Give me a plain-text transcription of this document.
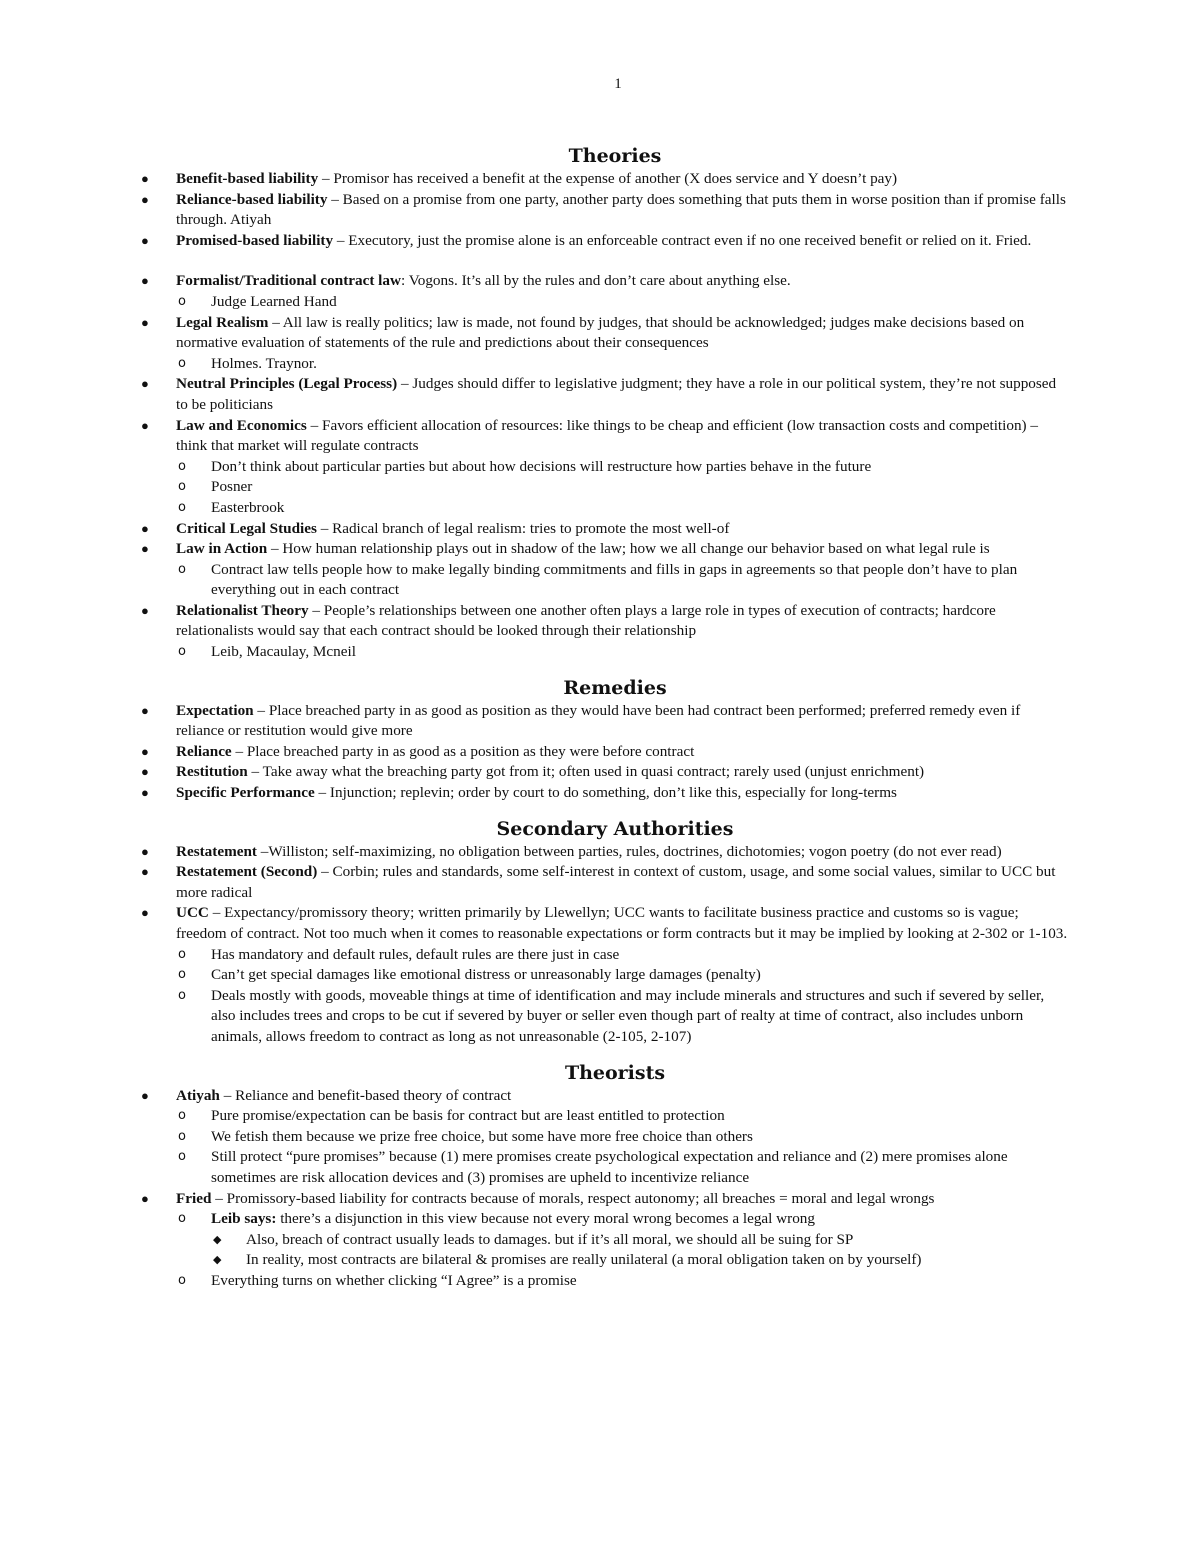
1
Theories
● Benefit-based liability – Promisor has received a benefit at the expense of another (X does service and Y doesn’t pay)
● Reliance-based liability – Based on a promise from one party, another party does something that puts them in worse position than if promise falls through. Atiyah
● Promised-based liability – Executory, just the promise alone is an enforceable contract even if no one received benefit or relied on it. Fried.
● Formalist/Traditional contract law: Vogons. It’s all by the rules and don’t care about anything else.
o Judge Learned Hand
● Legal Realism – All law is really politics; law is made, not found by judges, that should be acknowledged; judges make decisions based on normative evaluation of statements of the rule and predictions about their consequences
o Holmes. Traynor.
● Neutral Principles (Legal Process) – Judges should differ to legislative judgment; they have a role in our political system, they’re not supposed to be politicians
● Law and Economics – Favors efficient allocation of resources: like things to be cheap and efficient (low transaction costs and competition) – think that market will regulate contracts
o Don’t think about particular parties but about how decisions will restructure how parties behave in the future
o Posner
o Easterbrook
● Critical Legal Studies – Radical branch of legal realism: tries to promote the most well-of
● Law in Action – How human relationship plays out in shadow of the law; how we all change our behavior based on what legal rule is
o Contract law tells people how to make legally binding commitments and fills in gaps in agreements so that people don’t have to plan everything out in each contract
● Relationalist Theory – People’s relationships between one another often plays a large role in types of execution of contracts; hardcore relationalists would say that each contract should be looked through their relationship
o Leib, Macaulay, Mcneil
Remedies
● Expectation – Place breached party in as good as position as they would have been had contract been performed; preferred remedy even if reliance or restitution would give more
● Reliance – Place breached party in as good as a position as they were before contract
● Restitution – Take away what the breaching party got from it; often used in quasi contract; rarely used (unjust enrichment)
● Specific Performance – Injunction; replevin; order by court to do something, don’t like this, especially for long-terms
Secondary Authorities
● Restatement –Williston; self-maximizing, no obligation between parties, rules, doctrines, dichotomies; vogon poetry (do not ever read)
● Restatement (Second) – Corbin; rules and standards, some self-interest in context of custom, usage, and some social values, similar to UCC but more radical
● UCC – Expectancy/promissory theory; written primarily by Llewellyn; UCC wants to facilitate business practice and customs so is vague; freedom of contract. Not too much when it comes to reasonable expectations or form contracts but it may be implied by looking at 2-302 or 1-103.
o Has mandatory and default rules, default rules are there just in case
o Can’t get special damages like emotional distress or unreasonably large damages (penalty)
o Deals mostly with goods, moveable things at time of identification and may include minerals and structures and such if severed by seller, also includes trees and crops to be cut if severed by buyer or seller even though part of realty at time of contract, also includes unborn animals, allows freedom to contract as long as not unreasonable (2-105, 2-107)
Theorists
● Atiyah – Reliance and benefit-based theory of contract
o Pure promise/expectation can be basis for contract but are least entitled to protection
o We fetish them because we prize free choice, but some have more free choice than others
o Still protect “pure promises” because (1) mere promises create psychological expectation and reliance and (2) mere promises alone sometimes are risk allocation devices and (3) promises are upheld to incentivize reliance
● Fried – Promissory-based liability for contracts because of morals, respect autonomy; all breaches = moral and legal wrongs
o Leib says: there’s a disjunction in this view because not every moral wrong becomes a legal wrong
◆ Also, breach of contract usually leads to damages. but if it’s all moral, we should all be suing for SP
◆ In reality, most contracts are bilateral & promises are really unilateral (a moral obligation taken on by yourself)
o Everything turns on whether clicking “I Agree” is a promise
